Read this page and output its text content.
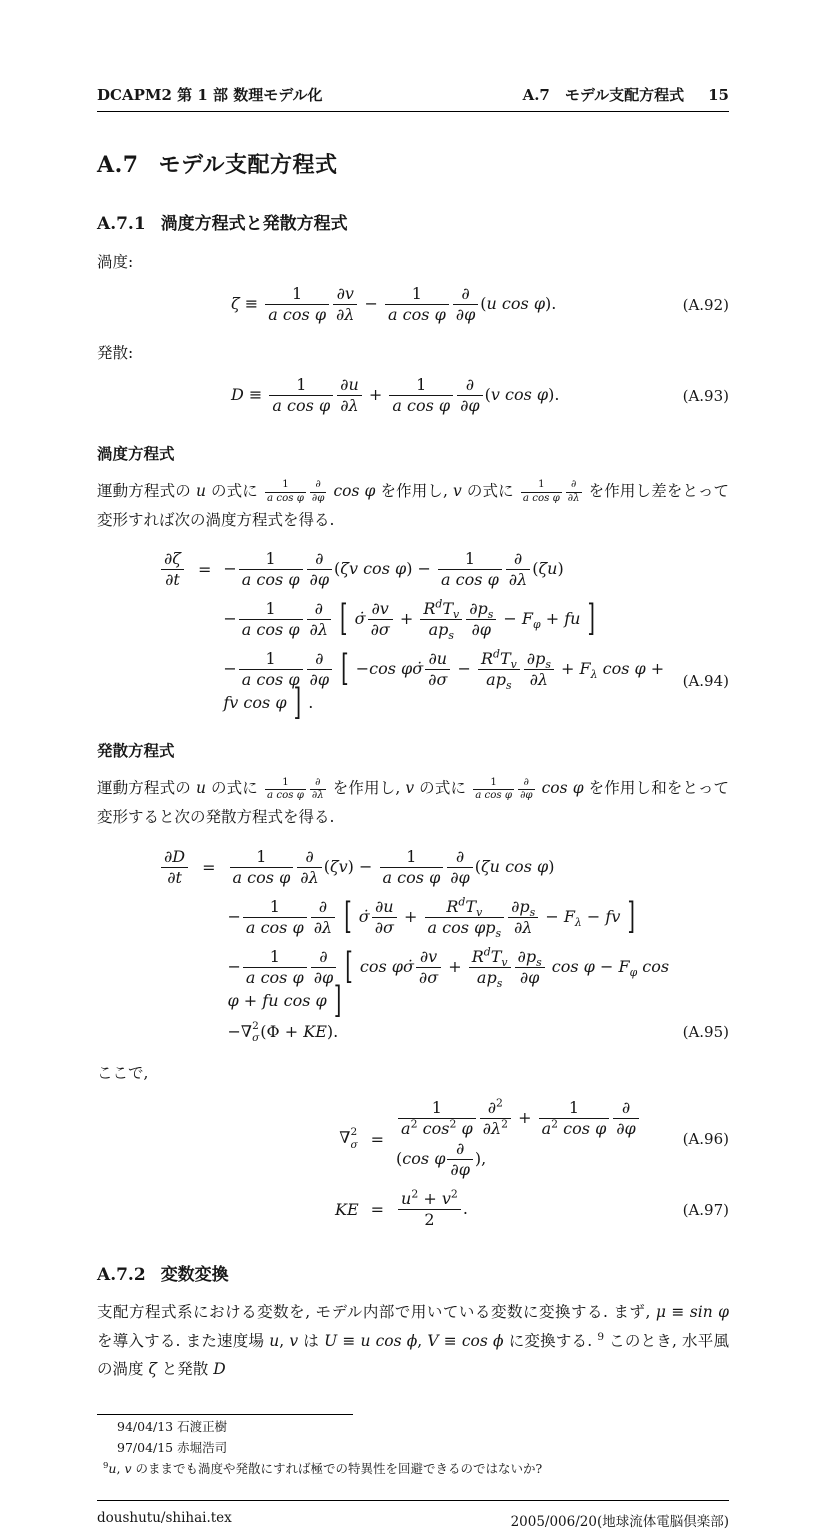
DCAPM2 第 1 部 数理モデル化	A.7　モデル支配方程式 15
A.7 モデル支配方程式
A.7.1 渦度方程式と発散方程式
渦度:
$\zeta \equiv \frac{1}{\text{a cos φ}} \frac{\partial v}{\partial\lambda} - \frac{1}{\text{a cos φ}} \frac{\partial}{\partial\varphi} (u$ cos φ).	(A.92)
発散:
$D \equiv \frac{1}{\text{a cos φ}} \frac{\partial u}{\partial\lambda} + \frac{1}{\text{a cos φ}} \frac{\partial}{\partial\varphi} (v$ cos φ).	(A.93)
渦度方程式
運動方程式の u の式に $\frac{1}{\text{a cos φ}} \frac{\partial}{\partial\varphi}$ cos φ を作用し, v の式に $\frac{1}{\text{a cos φ}} \frac{\partial}{\partial\lambda}$ を作用し差をとって変形すれば次の渦度方程式を得る.
$\frac{\partial\zeta}{\partial t}$ = − $\frac{1}{\text{a cos φ}} \frac{\partial}{\partial\varphi} (\zeta v$ $\cos \varphi) - \frac{1}{\text{a cos φ}} \frac{\partial}{\partial\lambda} (\zeta u)$
− $\frac{1}{\text{a cos φ}} \frac{\partial}{\partial\lambda}$ [ σ̇ $\frac{\partial v}{\partial\sigma} + \frac{R^dT_v}{ap_s} \frac{\partial p_s}{\partial\varphi} - F_\varphi$ + fu ]
− $\frac{1}{\text{a cos φ}} \frac{\partial}{\partial\varphi}$ [ −cos φσ̇ $\frac{\partial u}{\partial\sigma} - \frac{R^dT_v}{ap_s} \frac{\partial p_s}{\partial\lambda} + F_\lambda$ cos φ + fv cos φ ] .
(A.94)
発散方程式
運動方程式の u の式に $\frac{1}{\text{a cos φ}} \frac{\partial}{\partial\lambda}$ を作用し, v の式に $\frac{1}{\text{a cos φ}} \frac{\partial}{\partial\varphi}$ cos φ を作用し和をとって変形すると次の発散方程式を得る.
$\frac{\partial D}{\partial t} = \frac{1}{\text{a cos φ}} \frac{\partial}{\partial\lambda} (\zeta v) - \frac{1}{\text{a cos φ}} \frac{\partial}{\partial\varphi} (\zeta u$ cos φ)
− $\frac{1}{\text{a cos φ}} \frac{\partial}{\partial\lambda}$ [ σ̇ $\frac{\partial u}{\partial\sigma} + \frac{R^dT_v}{a \cos \varphi p_s} \frac{\partial p_s}{\partial\lambda} - F_\lambda$ − fv ]
− $\frac{1}{\text{a cos φ}} \frac{\partial}{\partial\varphi}$ [ cos φσ̇ $\frac{\partial v}{\partial\sigma} + \frac{R^dT_v}{ap_s} \frac{\partial p_s}{\partial\varphi}$ $\cos \varphi - F_\varphi$ cos φ + fu cos φ ]
−∇ 2
σ (Φ + KE).	(A.95)
ここで,
∇ 2
$\sigma = \frac{1}{a^2 \cos^2 \varphi} \frac{\partial^2}{\partial\lambda^2} + \frac{1}{a^2 \cos \varphi} \frac{\partial}{\partial\varphi}$
(cos φ $\frac{\partial}{\partial\varphi}$ ),
(A.96)
KE = $\frac{u^2 + v^2}{2}$ .	(A.97)
A.7.2 変数変換
支配方程式系における変数を, モデル内部で用いている変数に変換する. まず, μ ≡ sin φ を導入する. また速度場 u, v は U ≡ u cos ϕ, V ≡ cos ϕ に変換する. $^9$ このとき, 水平風の渦度 ζ と発散 D
94/04/13 石渡正樹
97/04/15 赤堀浩司
$^9$u, v のままでも渦度や発散にすれば極での特異性を回避できるのではないか?
doushutu/shihai.tex	2005/006/20(地球流体電脳倶楽部)
